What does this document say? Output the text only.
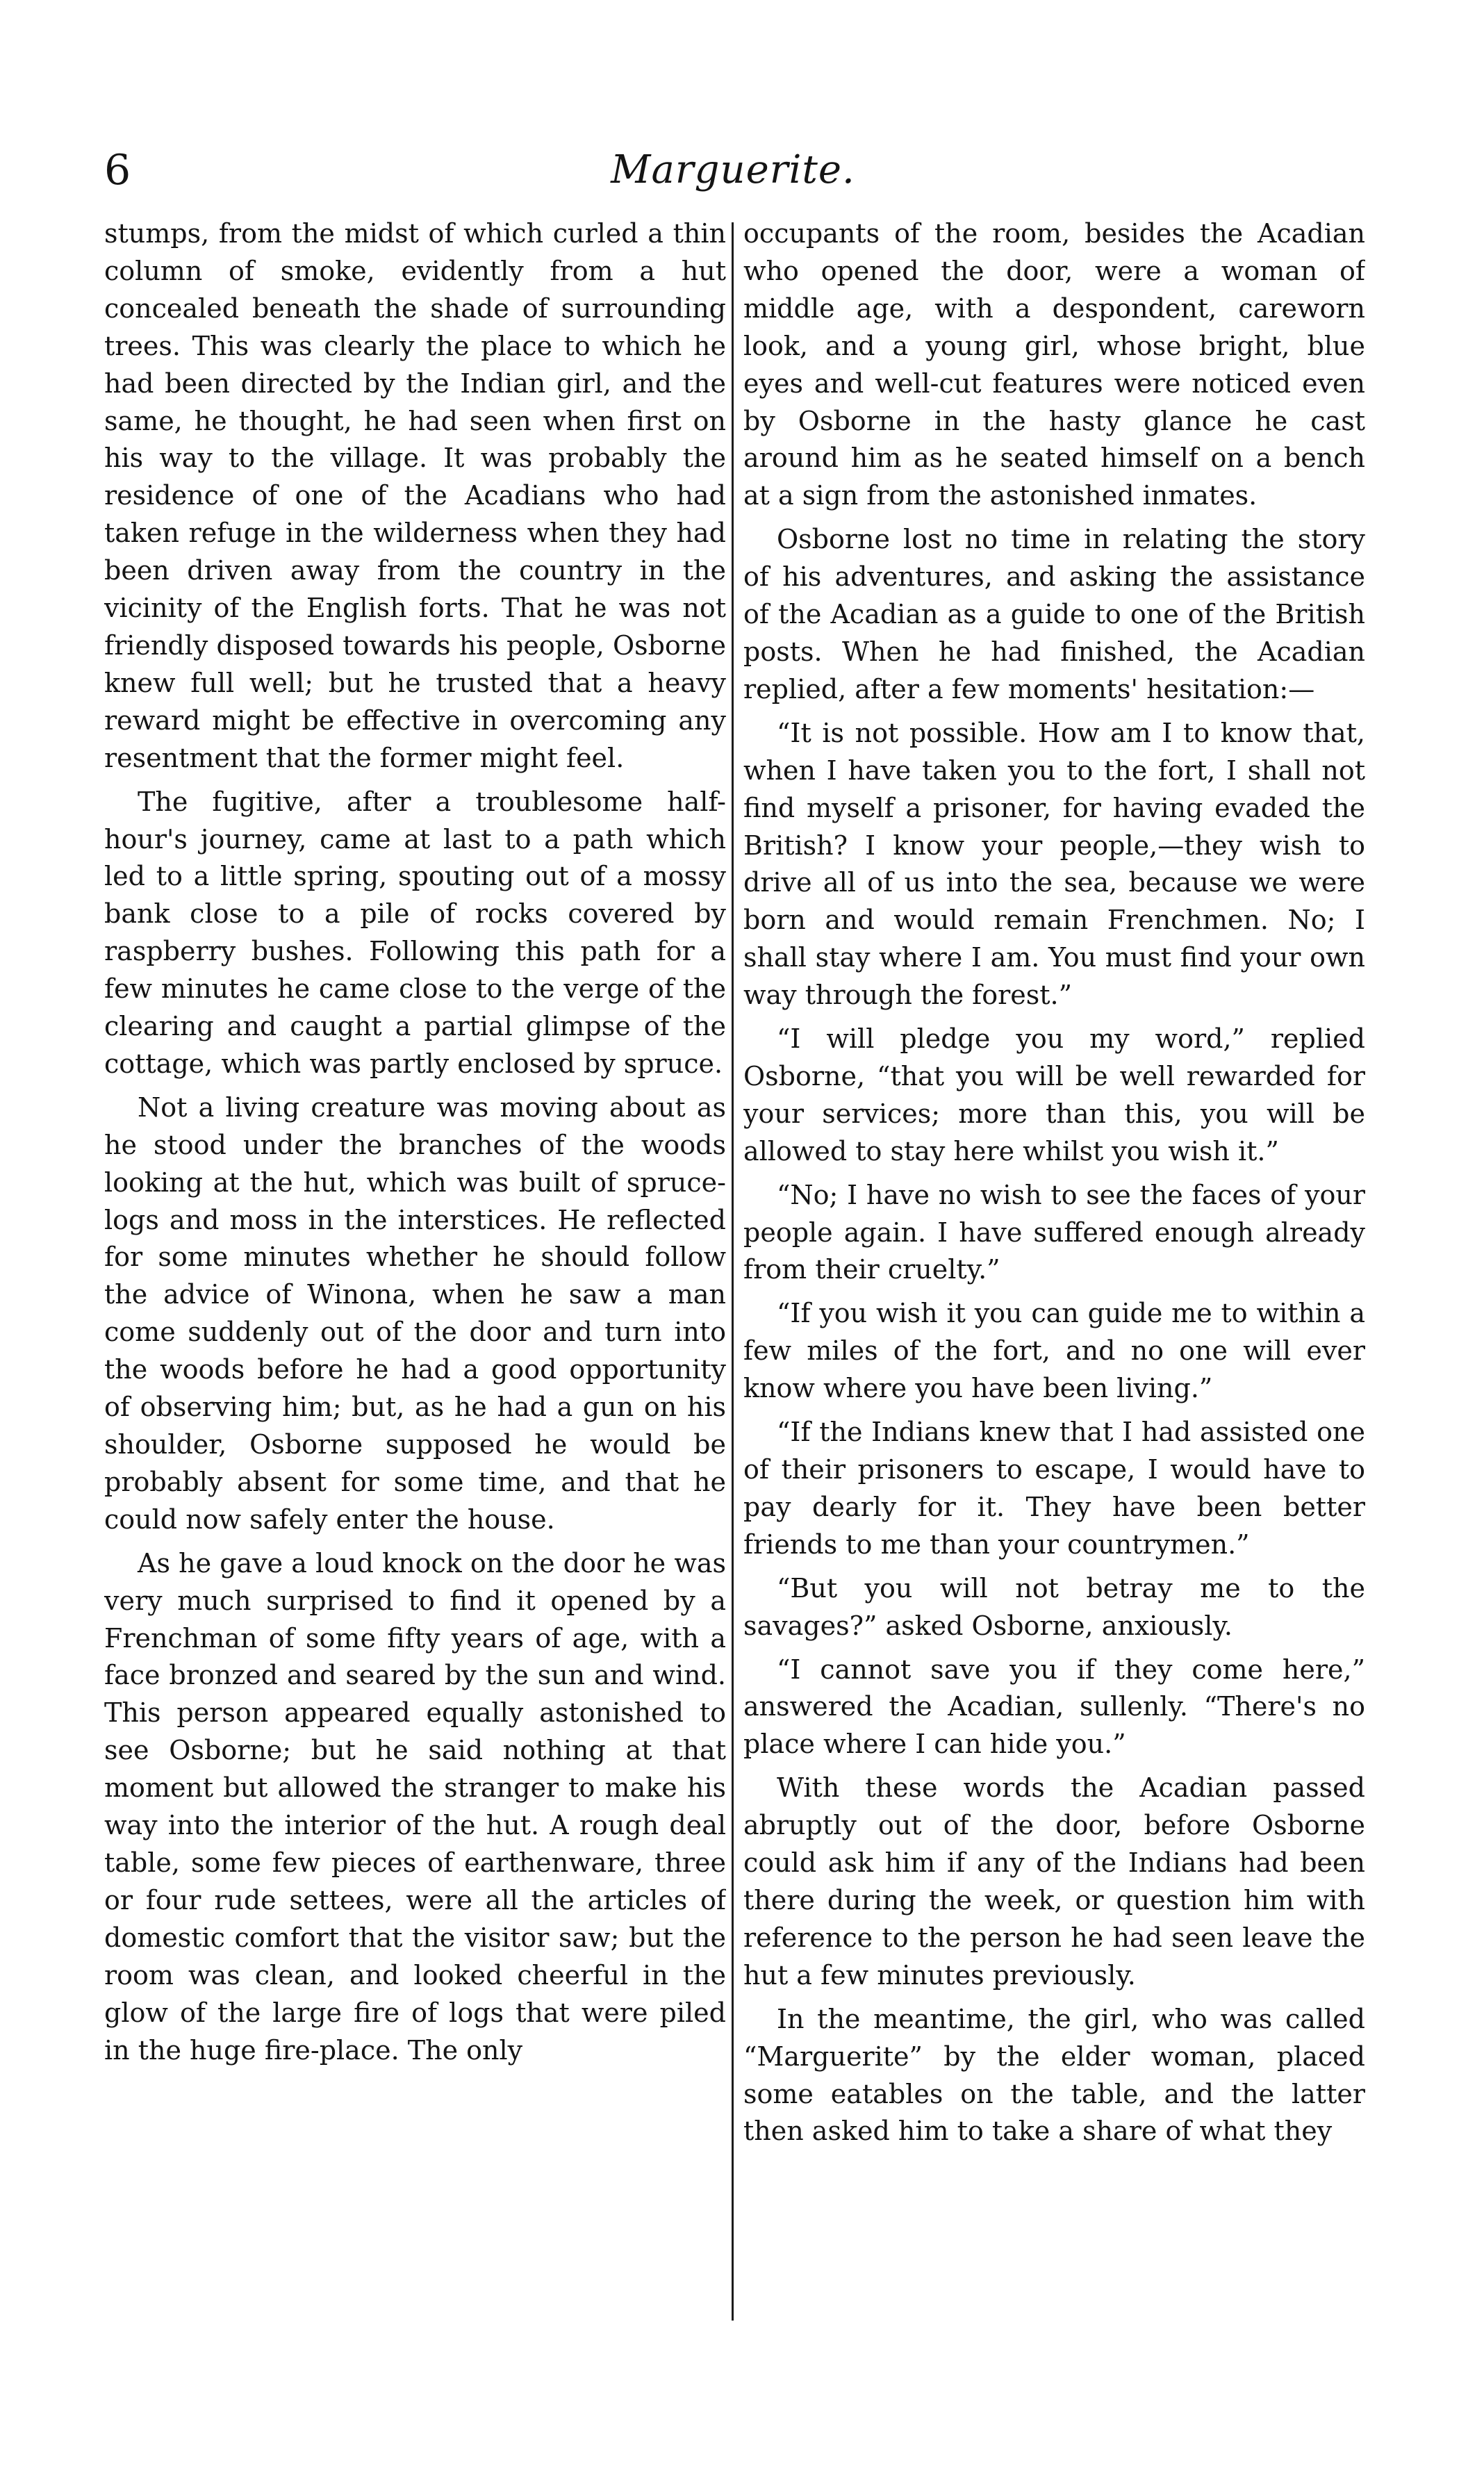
6	Marguerite.

stumps, from the midst of which curled a thin column of smoke, evidently from a hut concealed beneath the shade of surrounding trees. This was clearly the place to which he had been directed by the Indian girl, and the same, he thought, he had seen when first on his way to the village. It was probably the residence of one of the Acadians who had taken refuge in the wilderness when they had been driven away from the country in the vicinity of the English forts. That he was not friendly disposed towards his people, Osborne knew full well; but he trusted that a heavy reward might be effective in overcoming any resentment that the former might feel.

The fugitive, after a troublesome half-hour's journey, came at last to a path which led to a little spring, spouting out of a mossy bank close to a pile of rocks covered by raspberry bushes. Following this path for a few minutes he came close to the verge of the clearing and caught a partial glimpse of the cottage, which was partly enclosed by spruce.

Not a living creature was moving about as he stood under the branches of the woods looking at the hut, which was built of spruce-logs and moss in the interstices. He reflected for some minutes whether he should follow the advice of Winona, when he saw a man come suddenly out of the door and turn into the woods before he had a good opportunity of observing him; but, as he had a gun on his shoulder, Osborne supposed he would be probably absent for some time, and that he could now safely enter the house.

As he gave a loud knock on the door he was very much surprised to find it opened by a Frenchman of some fifty years of age, with a face bronzed and seared by the sun and wind. This person appeared equally astonished to see Osborne; but he said nothing at that moment but allowed the stranger to make his way into the interior of the hut. A rough deal table, some few pieces of earthenware, three or four rude settees, were all the articles of domestic comfort that the visitor saw; but the room was clean, and looked cheerful in the glow of the large fire of logs that were piled in the huge fire-place. The only

occupants of the room, besides the Acadian who opened the door, were a woman of middle age, with a despondent, careworn look, and a young girl, whose bright, blue eyes and well-cut features were noticed even by Osborne in the hasty glance he cast around him as he seated himself on a bench at a sign from the astonished inmates.

Osborne lost no time in relating the story of his adventures, and asking the assistance of the Acadian as a guide to one of the British posts. When he had finished, the Acadian replied, after a few moments' hesitation:—

“It is not possible. How am I to know that, when I have taken you to the fort, I shall not find myself a prisoner, for having evaded the British? I know your people,—they wish to drive all of us into the sea, because we were born and would remain Frenchmen. No; I shall stay where I am. You must find your own way through the forest.”

“I will pledge you my word,” replied Osborne, “that you will be well rewarded for your services; more than this, you will be allowed to stay here whilst you wish it.”

“No; I have no wish to see the faces of your people again. I have suffered enough already from their cruelty.”

“If you wish it you can guide me to within a few miles of the fort, and no one will ever know where you have been living.”

“If the Indians knew that I had assisted one of their prisoners to escape, I would have to pay dearly for it. They have been better friends to me than your countrymen.”

“But you will not betray me to the savages?” asked Osborne, anxiously.

“I cannot save you if they come here,” answered the Acadian, sullenly. “There's no place where I can hide you.”

With these words the Acadian passed abruptly out of the door, before Osborne could ask him if any of the Indians had been there during the week, or question him with reference to the person he had seen leave the hut a few minutes previously.

In the meantime, the girl, who was called “Marguerite” by the elder woman, placed some eatables on the table, and the latter then asked him to take a share of what they
